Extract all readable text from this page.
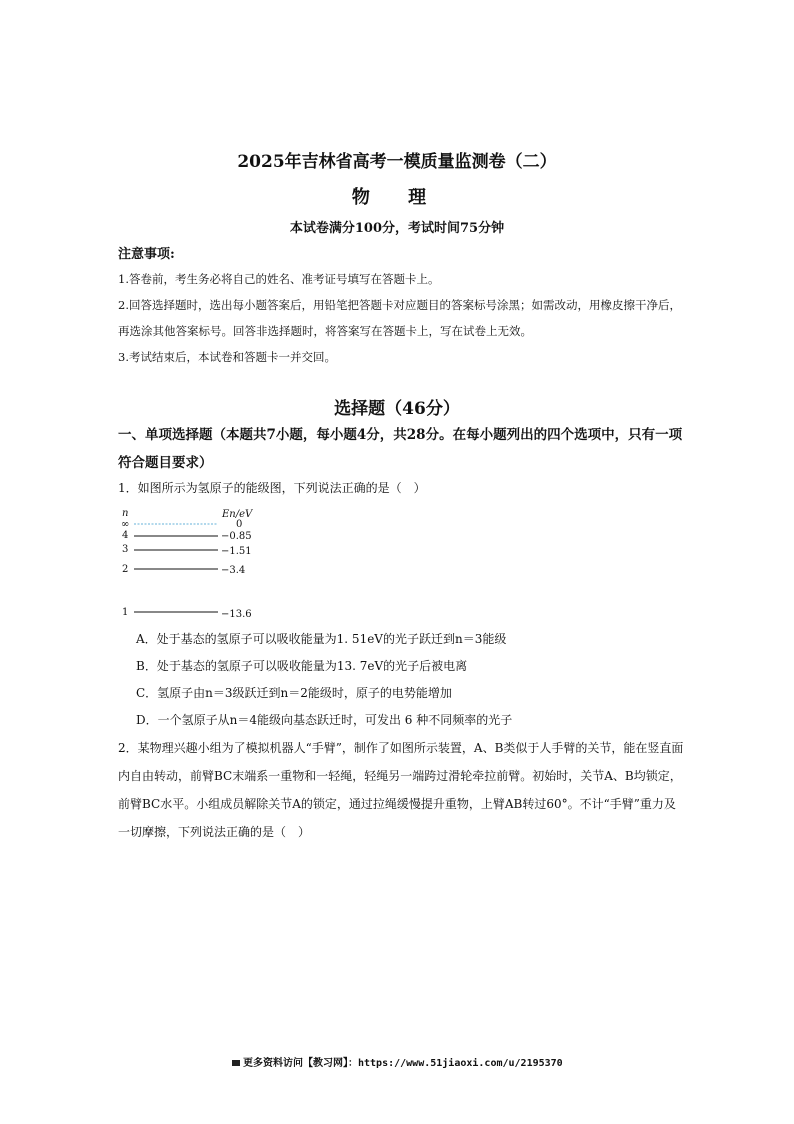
2025年吉林省高考一模质量监测卷（二）
物 理
本试卷满分100分，考试时间75分钟
注意事项:
1.答卷前，考生务必将自己的姓名、准考证号填写在答题卡上。
2.回答选择题时，选出每小题答案后，用铅笔把答题卡对应题目的答案标号涂黑；如需改动，用橡皮擦干净后，再选涂其他答案标号。回答非选择题时，将答案写在答题卡上，写在试卷上无效。
3.考试结束后，本试卷和答题卡一并交回。
选择题（46分）
一、单项选择题（本题共7小题，每小题4分，共28分。在每小题列出的四个选项中，只有一项符合题目要求）
1．如图所示为氢原子的能级图，下列说法正确的是（　）
n	En/eV
∞	0
4	−0.85
3	−1.51
2	−3.4
1	−13.6
A．处于基态的氢原子可以吸收能量为1. 51eV的光子跃迁到n＝3能级
B．处于基态的氢原子可以吸收能量为13. 7eV的光子后被电离
C．氢原子由n＝3级跃迁到n＝2能级时，原子的电势能增加
D．一个氢原子从n＝4能级向基态跃迁时，可发出 6 种不同频率的光子
2．某物理兴趣小组为了模拟机器人“手臂”，制作了如图所示装置，A、B类似于人手臂的关节，能在竖直面内自由转动，前臂BC末端系一重物和一轻绳，轻绳另一端跨过滑轮牵拉前臂。初始时，关节A、B均锁定，前臂BC水平。小组成员解除关节A的锁定，通过拉绳缓慢提升重物，上臂AB转过60°。不计“手臂”重力及一切摩擦，下列说法正确的是（　）
更多资料访问【教习网】：https://www.51jiaoxi.com/u/2195370
